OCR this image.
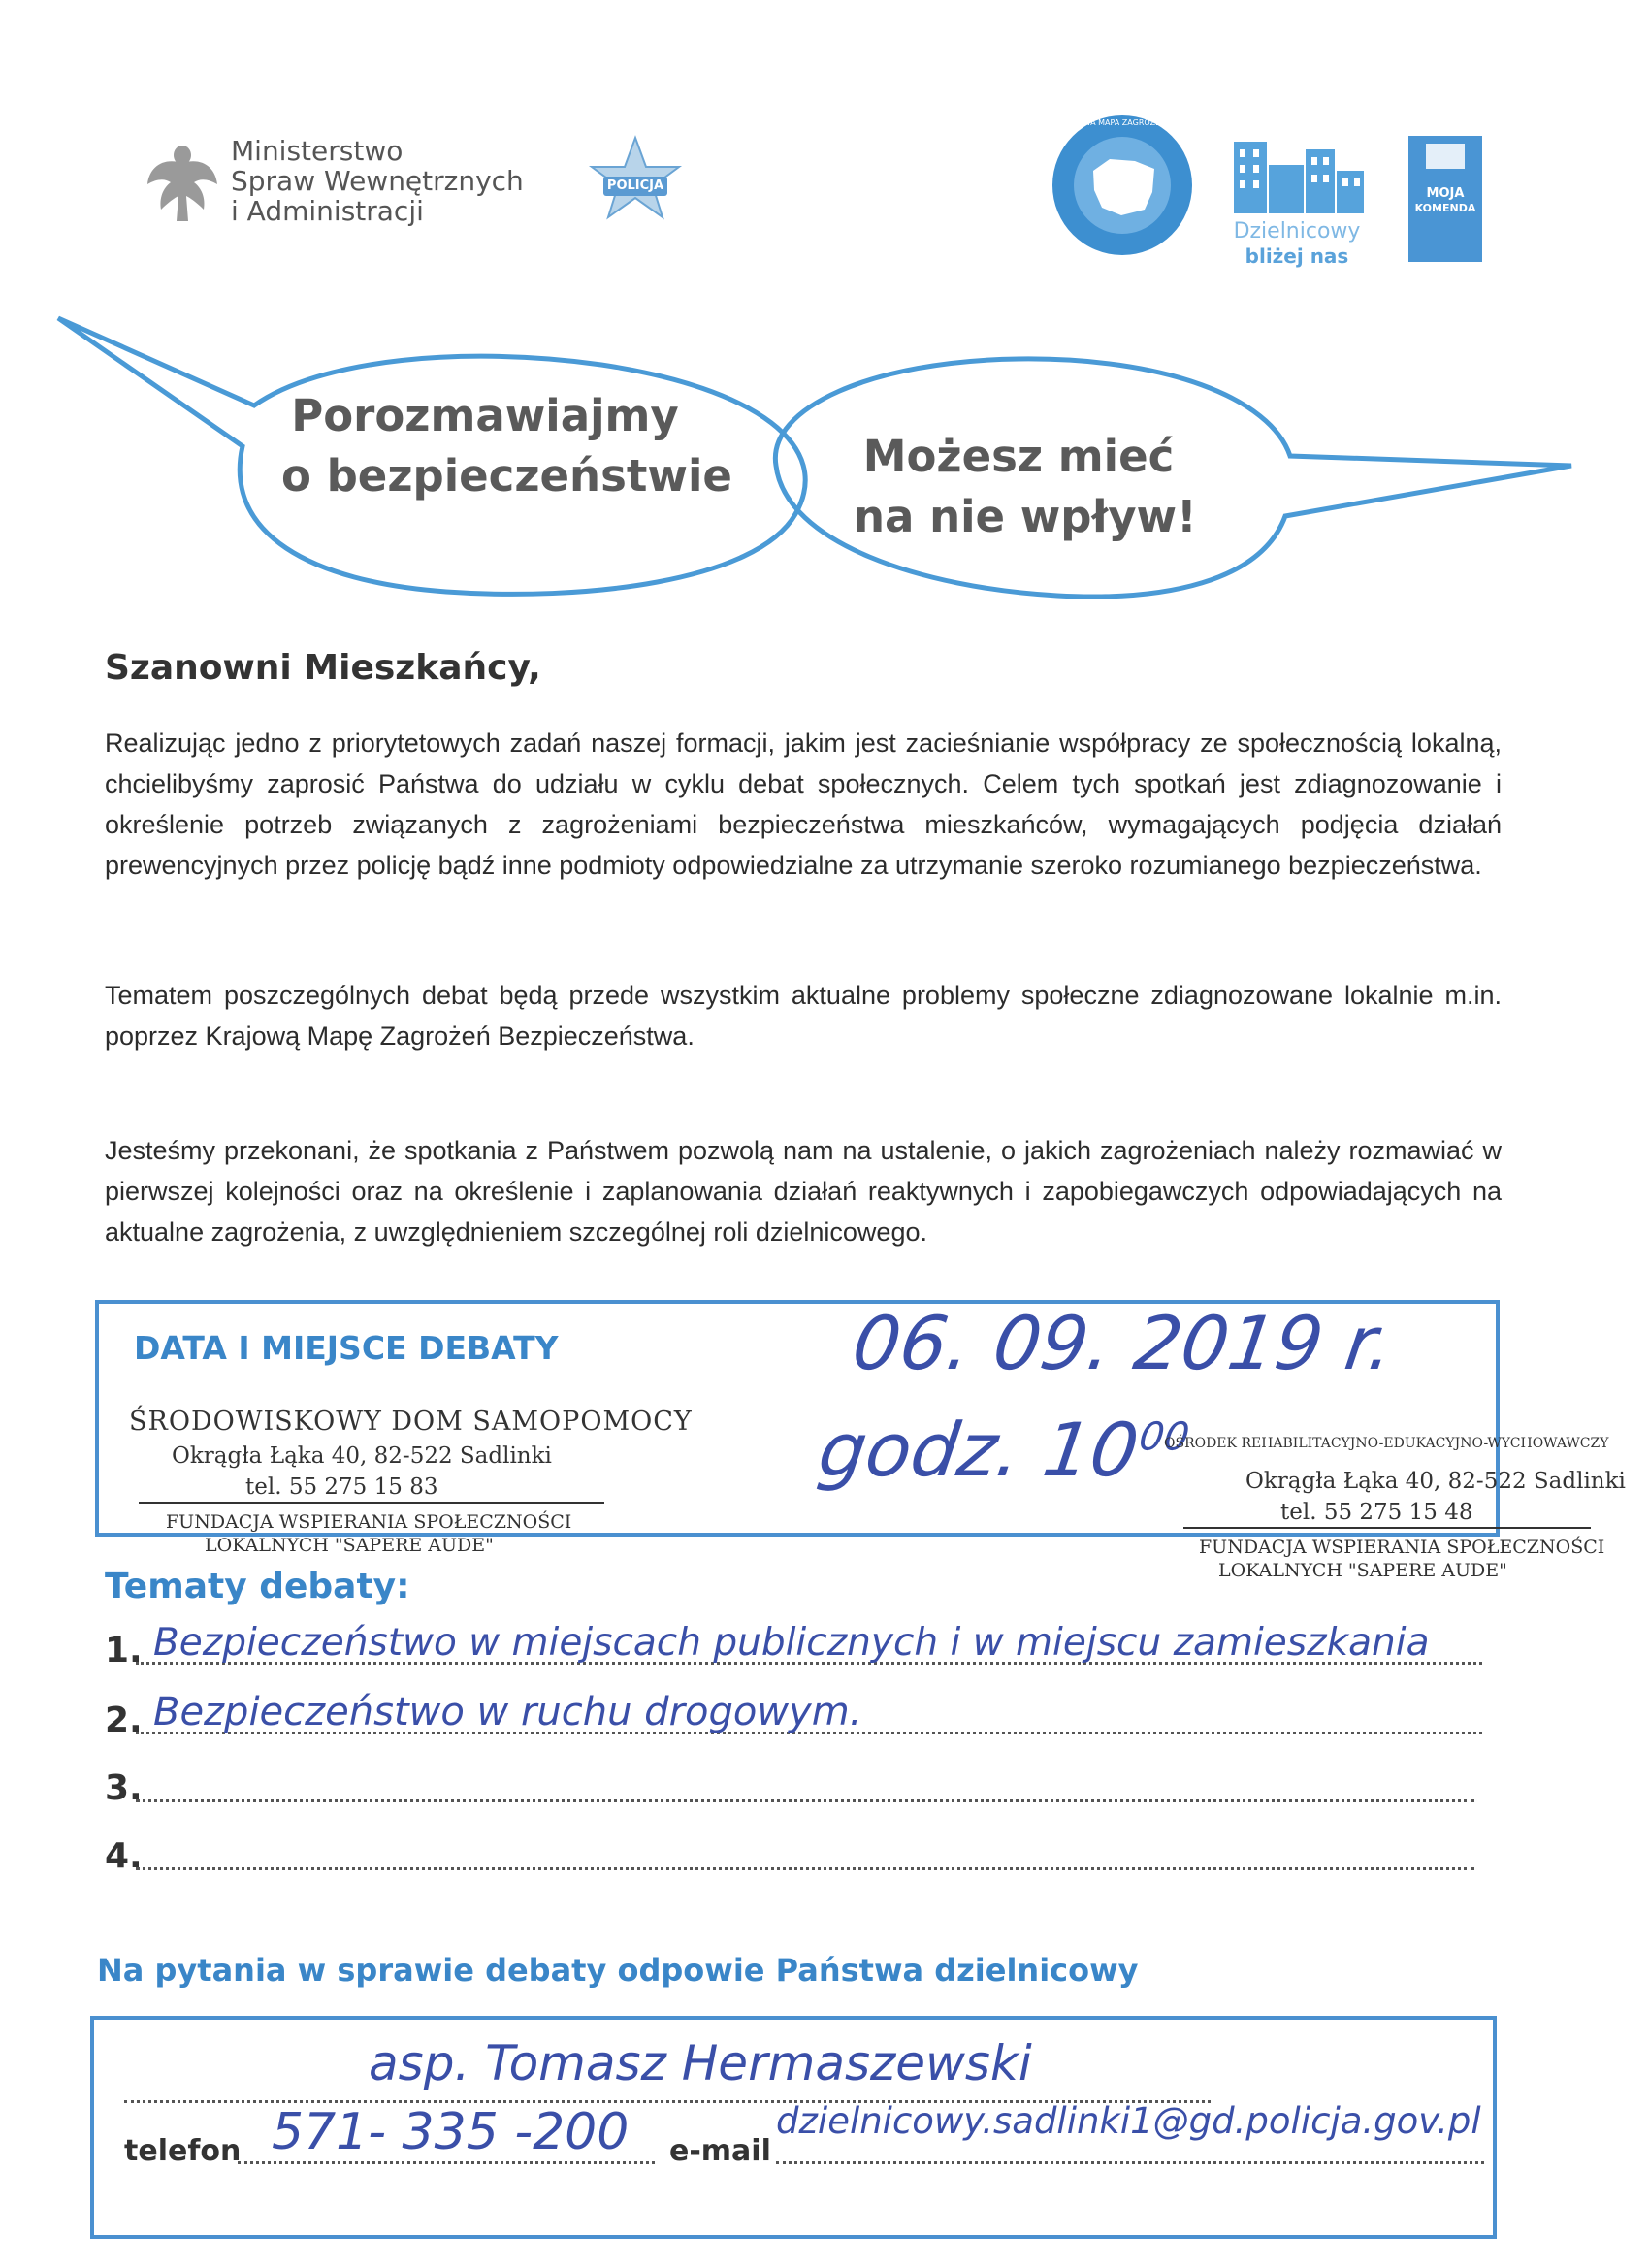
Ministerstwo
Spraw Wewnętrznych
i Administracji
POLICJA
KRAJOWA MAPA ZAGROŻEŃ BEZPIECZEŃSTWA
Dzielnicowy
bliżej nas
MOJA
KOMENDA
Porozmawiajmy
o bezpieczeństwie	Możesz mieć
na nie wpływ!
Szanowni Mieszkańcy,
Realizując jedno z priorytetowych zadań naszej formacji, jakim jest zacieśnianie współpracy ze społecznością lokalną, chcielibyśmy zaprosić Państwa do udziału w cyklu debat społecznych. Celem tych spotkań jest zdiagnozowanie i określenie potrzeb związanych z zagrożeniami bezpieczeństwa mieszkańców, wymagających podjęcia działań prewencyjnych przez policję bądź inne podmioty odpowiedzialne za utrzymanie szeroko rozumianego bezpieczeństwa.
Tematem poszczególnych debat będą przede wszystkim aktualne problemy społeczne zdiagnozowane lokalnie m.in. poprzez Krajową Mapę Zagrożeń Bezpieczeństwa.
Jesteśmy przekonani, że spotkania z Państwem pozwolą nam na ustalenie, o jakich zagrożeniach należy rozmawiać w pierwszej kolejności oraz na określenie i zaplanowania działań reaktywnych i zapobiegawczych odpowiadających na aktualne zagrożenia, z uwzględnieniem szczególnej roli dzielnicowego.
DATA I MIEJSCE DEBATY	06. 09. 2019 r.
godz. $10^{00}$
ŚRODOWISKOWY DOM SAMOPOMOCY
Okrągła Łąka 40, 82-522 Sadlinki
tel. 55 275 15 83
FUNDACJA WSPIERANIA SPOŁECZNOŚCI
LOKALNYCH "SAPERE AUDE"
OŚRODEK REHABILITACYJNO-EDUKACYJNO-WYCHOWAWCZY
Okrągła Łąka 40, 82-522 Sadlinki
tel. 55 275 15 48
FUNDACJA WSPIERANIA SPOŁECZNOŚCI
LOKALNYCH "SAPERE AUDE"
Tematy debaty:
1. Bezpieczeństwo w miejscach publicznych i w miejscu zamieszkania
2. Bezpieczeństwo w ruchu drogowym.
3.
4.
Na pytania w sprawie debaty odpowie Państwa dzielnicowy
asp. Tomasz Hermaszewski
telefon 571- 335 -200 e-mail
dzielnicowy.sadlinki1@gd.policja.gov.pl
